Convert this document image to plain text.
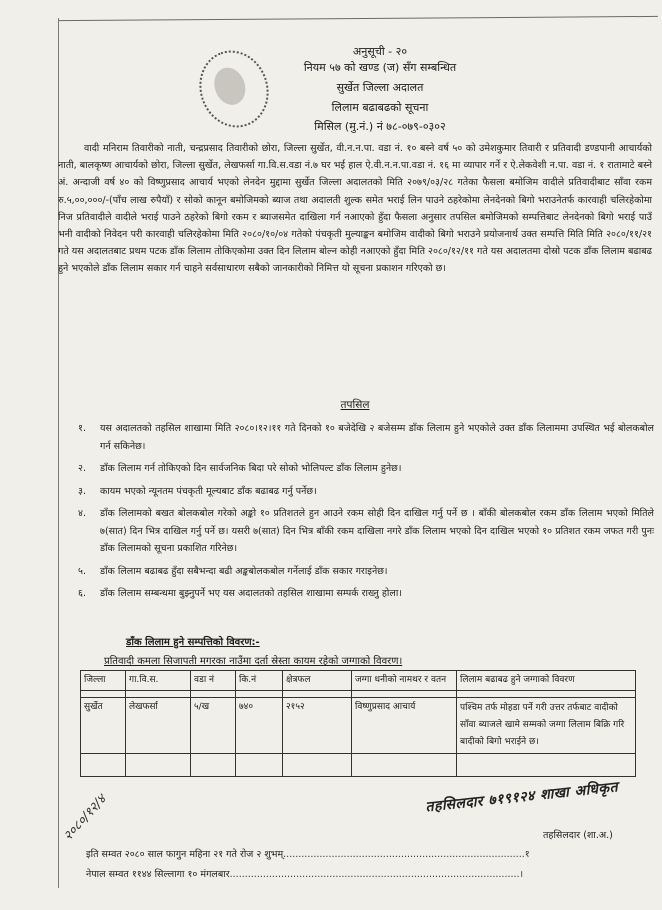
अनुसूची - २०
नियम ५७ को खण्ड (ज) सँग सम्बन्धित
सुर्खेत जिल्ला अदालत
लिलाम बढाबढको सूचना
मिसिल (मु.नं.) नं ७८-०७९-०३०२
वादी मनिराम तिवारीको नाती, चन्द्रप्रसाद तिवारीको छोरा, जिल्ला सुर्खेत, वी.न.न.पा. वडा नं. १० बस्ने वर्ष ५० को उमेशकुमार तिवारी र प्रतिवादी डण्डपानी आचार्यको नाती, बालकृष्ण आचार्यको छोरा, जिल्ला सुर्खेत, लेखफर्सा गा.वि.स.वडा नं.७ घर भई हाल ऐ.वी.न.न.पा.वडा नं. १६ मा व्यापार गर्ने र ऐ.लेकवेशी न.पा. वडा नं. १ रातामाटे बस्ने अं. अन्दाजी वर्ष ४० को विष्णुप्रसाद आचार्य भएको लेनदेन मुद्दामा सुर्खेत जिल्ला अदालतको मिति २०७९/०३/२८ गतेका फैसला बमोजिम वादीले प्रतिवादीबाट साँवा रकम रु.५,००,०००/-(पाँच लाख रुपैयाँ) र सोको कानून बमोजिमको ब्याज तथा अदालती शुल्क समेत भराई लिन पाउने ठहरेकोमा लेनदेनको बिगो भराउनेतर्फ कारवाही चलिरहेकोमा निज प्रतिवादीले वादीले भराई पाउने ठहरेको बिगो रकम र ब्याजसमेत दाखिला गर्न नआएको हुँदा फैसला अनुसार तपसिल बमोजिमको सम्पत्तिबाट लेनदेनको बिगो भराई पाउँ भनी वादीको निवेदन परी कारवाही चलिरहेकोमा मिति २०८०/१०/०४ गतेको पंचकृती मुल्याङ्कन बमोजिम वादीको बिगो भराउने प्रयोजनार्थ उक्त सम्पत्ति मिति मिति २०८०/११/२१ गते यस अदालतबाट प्रथम पटक डाँक लिलाम तोकिएकोमा उक्त दिन लिलाम बोल्न कोही नआएको हुँदा मिति २०८०/१२/११ गते यस अदालतमा दोस्रो पटक डाँक लिलाम बढाबढ हुने भएकोले डाँक लिलाम सकार गर्न चाहने सर्वसाधारण सबैको जानकारीको निमित्त यो सूचना प्रकाशन गरिएको छ।
तपसिल
१. यस अदालतको तहसिल शाखामा मिति २०८०।१२।११ गते दिनको १० बजेदेखि २ बजेसम्म डाँक लिलाम हुने भएकोले उक्त डाँक लिलाममा उपस्थित भई बोलकबोल गर्न सकिनेछ।
२. डाँक लिलाम गर्न तोकिएको दिन सार्वजनिक बिदा परे सोको भोलिपल्ट डाँक लिलाम हुनेछ।
३. कायम भएको न्यूनतम पंचकृती मूल्यबाट डाँक बढाबढ गर्नु पर्नेछ।
४. डाँक लिलामको बखत बोलकबोल गरेको अङ्को १० प्रतिशतले हुन आउने रकम सोही दिन दाखिल गर्नु पर्ने छ । बाँकी बोलकबोल रकम डाँक लिलाम भएको मितिले ७(सात) दिन भित्र दाखिल गर्नु पर्ने छ। यसरी ७(सात) दिन भित्र बाँकी रकम दाखिला नगरे डाँक लिलाम भएको दिन दाखिल भएको १० प्रतिशत रकम जफत गरी पुनः डाँक लिलामको सूचना प्रकाशित गरिनेछ।
५. डाँक लिलाम बढाबढ हुँदा सबैभन्दा बढी अङ्कबोलकबोल गर्नेलाई डाँक सकार गराइनेछ।
६. डाँक लिलाम सम्बन्धमा बुझ्नुपर्ने भए यस अदालतको तहसिल शाखामा सम्पर्क राख्नु होला।
डाँक लिलाम हुने सम्पत्तिको विवरण:-
प्रतिवादी कमला सिजापती मगरका नाउँमा दर्ता स्रेस्ता कायम रहेको जग्गाको विवरण।
जिल्ला	गा.वि.स.	वडा नं	कि.नं	क्षेत्रफल	जग्गा धनीको नामथर र वतन	लिलाम बढाबढ हुने जग्गाको विवरण

सुर्खेत	लेखफर्सा	५/ख	७४०	२१५२	विष्णुप्रसाद आचार्य	पश्चिम तर्फ मोहडा पर्ने गरी उत्तर तर्फबाट वादीको साँवा ब्याजले खामे सम्मको जग्गा लिलाम बिक्रि गरि बादीको बिगो भराईने छ।

२०८०/१२/४	तहसिलदार ७१९१२४ शाखा अधिकृत
तहसिलदार (शा.अ.)
इति सम्वत २०८० साल फागुन महिना २१ गते रोज २ शुभम्................................................................................१
नेपाल सम्वत ११४४ सिल्लागा १० मंगलबार................................................................................................।
